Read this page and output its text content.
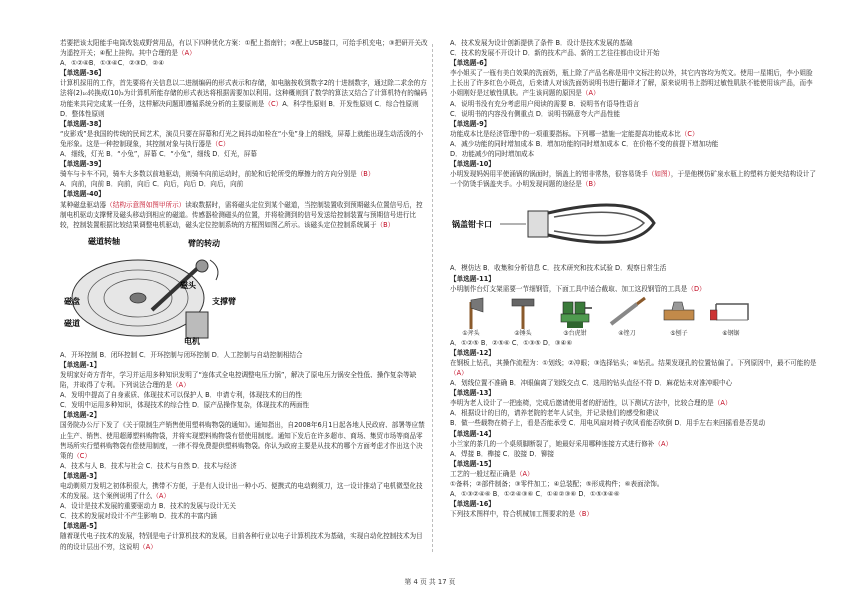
若要把该太阳能手电筒改装成野营用品，有以下四种优化方案：①配上指南针；②配上USB接口，可给手机充电；③把研开关改为遥控开关；④配上挂钩。其中合理的是（A）

A．①②④B．①③④C．②③D．②④

【单选题-36】

计算机採用的工作，首先要将有关信息以二进制编码的形式表示和存储，如电脑按收到数字2的十进制数字，通过除二求余的方法将(2)₁₀转换成(10)₂为计算机所能存储的形式表达将根据需要加以利用。这种概则到了数学的算法又结合了计算机特有的编码功能来共同完成某一任务，这样解决问题即遵循系统分析的主要原则是（C）A．科学性原则 B．开发性原则 C．综合性原则 D．整体性原则

【单选题-38】

“皮影戏”是我国的传统的民间艺术，演员只要在屏幕和灯光之间抖动如栓在“小兔”身上的细线，屏幕上就能出现生动活泼的小兔形象。这是一种控制现象，其控制对象与执行器是（C）

A．细线，灯光 B．“小兔”，屏幕 C．“小兔”，细线 D．灯光，屏幕

【单选题-39】

骑车与卡车不同，骑车大多数以前地驱动，则骑车向前运动时，前轮和后轮所受的摩擦力的方向分别是（B）

A．向前，向前 B．向前，向后 C．向后，向后 D．向后，向前

【单选题-40】

某种磁盘驱动器（结构示意图如图甲所示）读取数据时，需将磁头定位到某个磁道，当控制装置收到预期磁头位置信号后，控制电机驱动支撑臂及磁头移动到相应的磁道。传感器检测磁头的位置，并将检测到的信号发送给控制装置与预期信号进行比较，控制装置根据比较结果调整电机驱动，磁头定位控制系统的方框图如图乙所示。该磁头定位控制系统属于（B）

磁道转轴	臂的转动
磁头
磁盘
磁道
支撑臂
电机

A．开环控制 B．闭环控制 C．开环控制与闭环控制 D．人工控制与自动控制相结合

【单选题-1】

发明家好奇方青年，学习并运用多种知识发明了“连体式全电控调整电压力锅”，解决了原电压力锅安全性低、操作复杂等缺陷，并取得了专利。下列说法合理的是（A）

A．发明中提高了自身素质、体现技术可以保护人 B．申请专利，体现技术的目的性

C．发明中运用多种知识，体现技术的综合性 D．原产品操作复杂，体现技术的两面性

【单选题-2】

国务院办公厅下发了《关于限制生产销售使用塑料购物袋的通知》。通知指出，自2008年6月1日起各地人民政府、部署等应禁止生产、销售、使用超薄塑料购物袋，并将实现塑料购物袋有偿使用制度。通知下发后在许多超市、商场、集贸市场等商品零售场所实行塑料购物袋有偿使用制度，一律不得免费提供塑料购物袋。你认为政府主要是从技术的哪个方面考虑才作出这个决策的（C）

A．技术与人 B．技术与社会 C．技术与自然 D．技术与经济

【单选题-3】

电动剃须刀发明之初体积很大，携带不方便，于是有人设计出一种小巧、便携式的电动剃须刀，这一设计推动了电机微型化技术的发展。这个案例说明了什么（A）

A．设计是技术发展的重要驱动力 B．技术的发展与设计无关

C．技术的发展对设计不产生影响 D．技术的丰富内涵

【单选题-5】

随着现代电子技术的发展，特别是电子计算机技术的发展，目前各种行业以电子计算机技术为基础，实现自动化控制技术为目的的设计层出不穷，这说明（A）

A．技术发展为设计创新提供了条件 B．设计是技术发展的基础

C．技术的发展不开设计 D．新的技术产品、新的工艺往往都由设计开始

【单选题-6】

李小姐买了一瓶有美白效果的洗面奶，瓶上除了产品名称是用中文标注的以外，其它内容均为英文。使用一星期后，李小姐脸上长出了许多红色小斑点，后来请人对该洗面奶说明书进行翻译才了解，原来说明书上指明过敏性肌肤不能使用该产品，而李小姐刚好是过敏性肌肤。产生该问题的原因是（A）

A．说明书没有充分考虑用户阅读的需要 B．说明书有语导性语言

C．说明书的内容没有侧重点 D．说明书隔意夸大产品性能

【单选题-9】

功能成本比是经济管理中的一项重要指标。下列哪一措施一定能提高功能成本比（C）

A．减少功能的同时增加成本 B．增加功能的同时增加成本 C．在价格不变的前提下增加功能

D．功能减少的同时增加成本

【单选题-10】

小明发现妈妈用平使涌锅的锅面时，锅盖上的钳非常热，很容易烫手（如图），于是他模仿矿泉水瓶上的塑料方便夹结构设计了一个防烫手锅盖夹手。小明发现问题的途径是（B）

锅盖钳卡口

A．模仿达 B．收集和分析信息 C．技术研究和技术试验 D．观察日常生活

【单选题-11】

小明制作台灯支架需要一节细钢管，下面工具中适合截取、加工这段钢管的工具是（D）

①斧头	②锤头	③台虎钳	④锉刀	⑤刨子	⑥钢锯

A．①②⑤ B．②⑤⑥ C．①③⑤ D．③④⑥

【单选题-12】

在钢板上钻孔，其操作流程为：①划线；②冲眼；③选择钻头；④钻孔。结果发现孔的位置钻偏了。下列原因中，最不可能的是（A）

A．划线位置不准确 B．冲眼偏离了划线交点 C．选用的钻头直径不符 D．麻花钻未对准冲眼中心

【单选题-13】

李明为老人设计了一把座椅，完成后邀请使用者的舒适性，以下测试方法中，比较合理的是（A）

A．根据设计的目的，请养老院的老年人试坐，并记录他们的感受和建议

B．做一些载物在椅子上，看是否能承受 C．用电风扇对椅子吹风看能否吹倒 D．用手左右来回摇看是否晃动

【单选题-14】

小兰家的茶几的一个桌须脚断裂了，她最好采用哪种连接方式进行修补（A）

A．焊接 B．榫接 C．胶接 D．铆接

【单选题-15】

工艺的一般过程正确是（A）

①备料；②部件制备；③零件加工；④总装配；⑤形成构件；⑥表面涂饰。

A．①③②④⑥ B．①②④③⑥ C．①④②③⑥ D．①⑤③④⑥

【单选题-16】

下列技术图样中，符合机械加工图要求的是（B）

第 4 页 共 17 页
